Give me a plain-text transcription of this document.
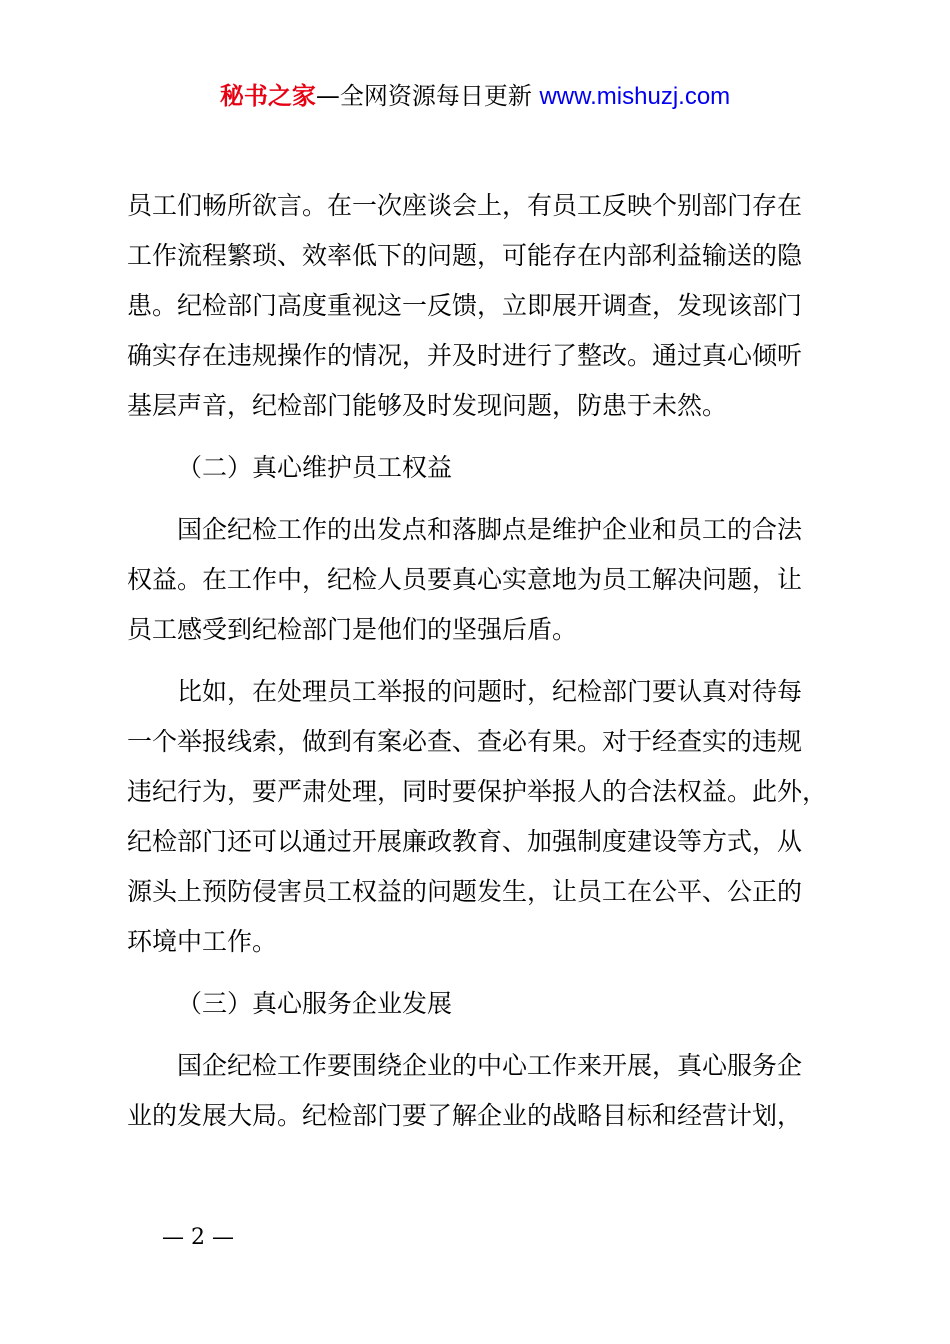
秘书之家—全网资源每日更新 www.mishuzj.com

员工们畅所欲言。在一次座谈会上，有员工反映个别部门存在

工作流程繁琐、效率低下的问题，可能存在内部利益输送的隐

患。纪检部门高度重视这一反馈，立即展开调查，发现该部门

确实存在违规操作的情况，并及时进行了整改。通过真心倾听

基层声音，纪检部门能够及时发现问题，防患于未然。

（二）真心维护员工权益

国企纪检工作的出发点和落脚点是维护企业和员工的合法

权益。在工作中，纪检人员要真心实意地为员工解决问题，让

员工感受到纪检部门是他们的坚强后盾。

比如，在处理员工举报的问题时，纪检部门要认真对待每

一个举报线索，做到有案必查、查必有果。对于经查实的违规

违纪行为，要严肃处理，同时要保护举报人的合法权益。此外，

纪检部门还可以通过开展廉政教育、加强制度建设等方式，从

源头上预防侵害员工权益的问题发生，让员工在公平、公正的

环境中工作。

（三）真心服务企业发展

国企纪检工作要围绕企业的中心工作来开展，真心服务企

业的发展大局。纪检部门要了解企业的战略目标和经营计划，

— 2 —
